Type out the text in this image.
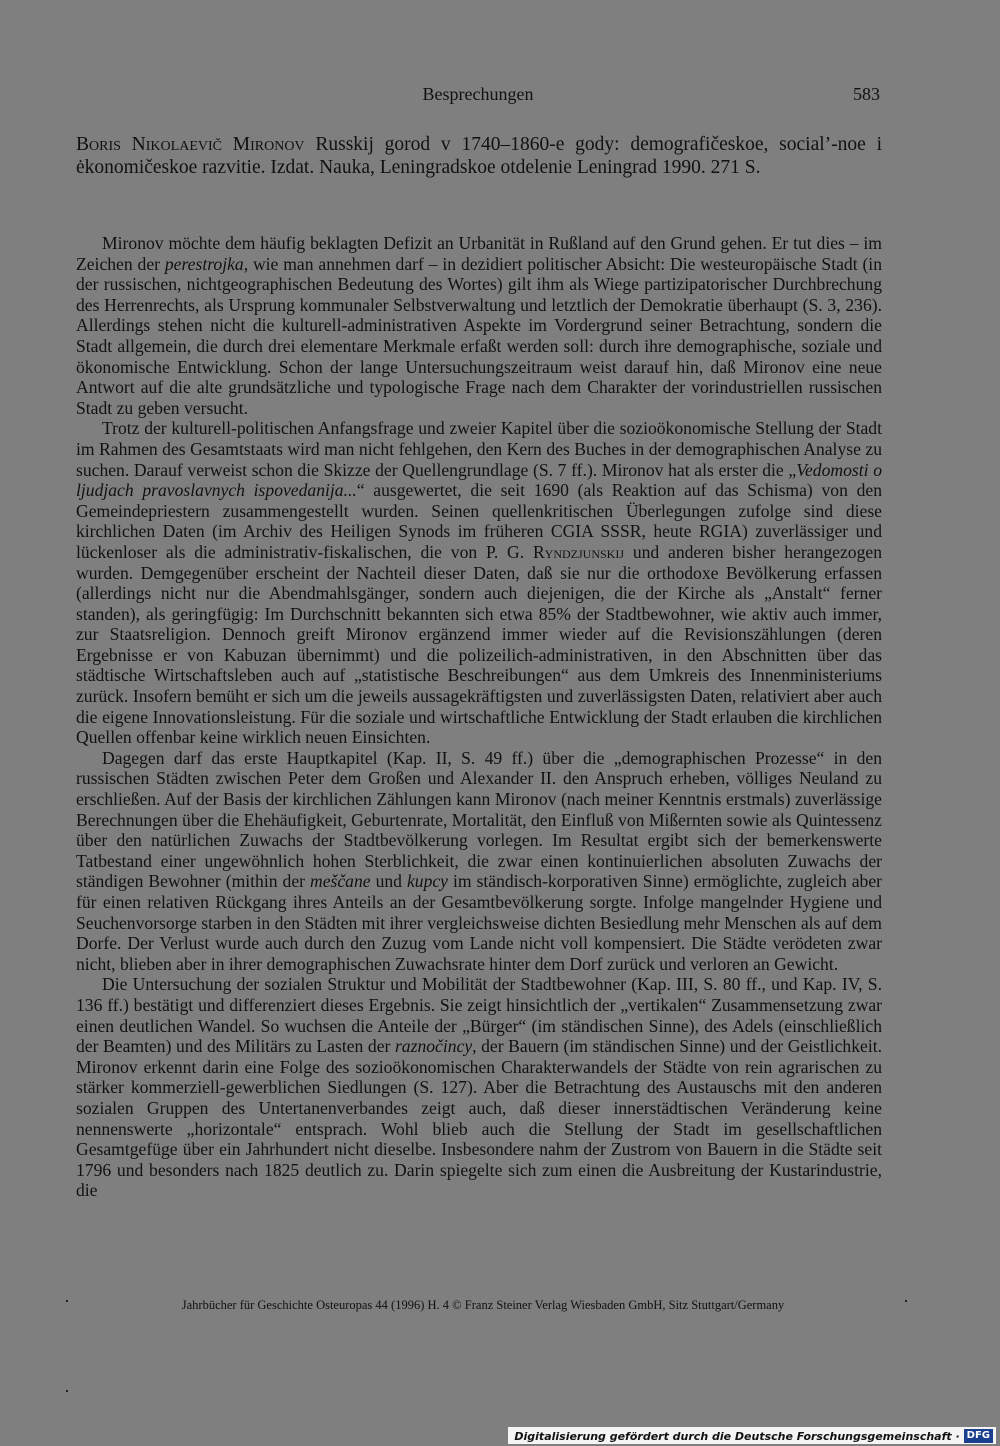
Besprechungen	583
Boris Nikolaevič Mironov Russkij gorod v 1740–1860-e gody: demografičeskoe, social’-noe i ėkonomičeskoe razvitie. Izdat. Nauka, Leningradskoe otdelenie Leningrad 1990. 271 S.

Mironov möchte dem häufig beklagten Defizit an Urbanität in Rußland auf den Grund gehen. Er tut dies – im Zeichen der perestrojka, wie man annehmen darf – in dezidiert politischer Absicht: Die westeuropäische Stadt (in der russischen, nichtgeographischen Bedeutung des Wortes) gilt ihm als Wiege partizipatorischer Durchbrechung des Herrenrechts, als Ursprung kommunaler Selbstverwaltung und letztlich der Demokratie überhaupt (S. 3, 236). Allerdings stehen nicht die kulturell-administrativen Aspekte im Vordergrund seiner Betrachtung, sondern die Stadt allgemein, die durch drei elementare Merkmale erfaßt werden soll: durch ihre demographische, soziale und ökonomische Entwicklung. Schon der lange Untersuchungszeitraum weist darauf hin, daß Mironov eine neue Antwort auf die alte grundsätzliche und typologische Frage nach dem Charakter der vorindustriellen russischen Stadt zu geben versucht.

Trotz der kulturell-politischen Anfangsfrage und zweier Kapitel über die sozioökonomische Stellung der Stadt im Rahmen des Gesamtstaats wird man nicht fehlgehen, den Kern des Buches in der demographischen Analyse zu suchen. Darauf verweist schon die Skizze der Quellengrundlage (S. 7 ff.). Mironov hat als erster die „Vedomosti o ljudjach pravoslavnych ispovedanija...“ ausgewertet, die seit 1690 (als Reaktion auf das Schisma) von den Gemeindepriestern zusammengestellt wurden. Seinen quellenkritischen Überlegungen zufolge sind diese kirchlichen Daten (im Archiv des Heiligen Synods im früheren CGIA SSSR, heute RGIA) zuverlässiger und lückenloser als die administrativ-fiskalischen, die von P. G. Ryndzjunskij und anderen bisher herangezogen wurden. Demgegenüber erscheint der Nachteil dieser Daten, daß sie nur die orthodoxe Bevölkerung erfassen (allerdings nicht nur die Abendmahlsgänger, sondern auch diejenigen, die der Kirche als „Anstalt“ ferner standen), als geringfügig: Im Durchschnitt bekannten sich etwa 85% der Stadtbewohner, wie aktiv auch immer, zur Staatsreligion. Dennoch greift Mironov ergänzend immer wieder auf die Revisionszählungen (deren Ergebnisse er von Kabuzan übernimmt) und die polizeilich-administrativen, in den Abschnitten über das städtische Wirtschaftsleben auch auf „statistische Beschreibungen“ aus dem Umkreis des Innenministeriums zurück. Insofern bemüht er sich um die jeweils aussagekräftigsten und zuverlässigsten Daten, relativiert aber auch die eigene Innovationsleistung. Für die soziale und wirtschaftliche Entwicklung der Stadt erlauben die kirchlichen Quellen offenbar keine wirklich neuen Einsichten.

Dagegen darf das erste Hauptkapitel (Kap. II, S. 49 ff.) über die „demographischen Prozesse“ in den russischen Städten zwischen Peter dem Großen und Alexander II. den Anspruch erheben, völliges Neuland zu erschließen. Auf der Basis der kirchlichen Zählungen kann Mironov (nach meiner Kenntnis erstmals) zuverlässige Berechnungen über die Ehehäufigkeit, Geburtenrate, Mortalität, den Einfluß von Mißernten sowie als Quintessenz über den natürlichen Zuwachs der Stadtbevölkerung vorlegen. Im Resultat ergibt sich der bemerkenswerte Tatbestand einer ungewöhnlich hohen Sterblichkeit, die zwar einen kontinuierlichen absoluten Zuwachs der ständigen Bewohner (mithin der meščane und kupcy im ständisch-korporativen Sinne) ermöglichte, zugleich aber für einen relativen Rückgang ihres Anteils an der Gesamtbevölkerung sorgte. Infolge mangelnder Hygiene und Seuchenvorsorge starben in den Städten mit ihrer vergleichsweise dichten Besiedlung mehr Menschen als auf dem Dorfe. Der Verlust wurde auch durch den Zuzug vom Lande nicht voll kompensiert. Die Städte verödeten zwar nicht, blieben aber in ihrer demographischen Zuwachsrate hinter dem Dorf zurück und verloren an Gewicht.

Die Untersuchung der sozialen Struktur und Mobilität der Stadtbewohner (Kap. III, S. 80 ff., und Kap. IV, S. 136 ff.) bestätigt und differenziert dieses Ergebnis. Sie zeigt hinsichtlich der „vertikalen“ Zusammensetzung zwar einen deutlichen Wandel. So wuchsen die Anteile der „Bürger“ (im ständischen Sinne), des Adels (einschließlich der Beamten) und des Militärs zu Lasten der raznočincy, der Bauern (im ständischen Sinne) und der Geistlichkeit. Mironov erkennt darin eine Folge des sozioökonomischen Charakterwandels der Städte von rein agrarischen zu stärker kommerziell-gewerblichen Siedlungen (S. 127). Aber die Betrachtung des Austauschs mit den anderen sozialen Gruppen des Untertanenverbandes zeigt auch, daß dieser innerstädtischen Veränderung keine nennenswerte „horizontale“ entsprach. Wohl blieb auch die Stellung der Stadt im gesellschaftlichen Gesamtgefüge über ein Jahrhundert nicht dieselbe. Insbesondere nahm der Zustrom von Bauern in die Städte seit 1796 und besonders nach 1825 deutlich zu. Darin spiegelte sich zum einen die Ausbreitung der Kustarindustrie, die

Jahrbücher für Geschichte Osteuropas 44 (1996) H. 4 © Franz Steiner Verlag Wiesbaden GmbH, Sitz Stuttgart/Germany
Digitalisierung gefördert durch die Deutsche Forschungsgemeinschaft · DFG
